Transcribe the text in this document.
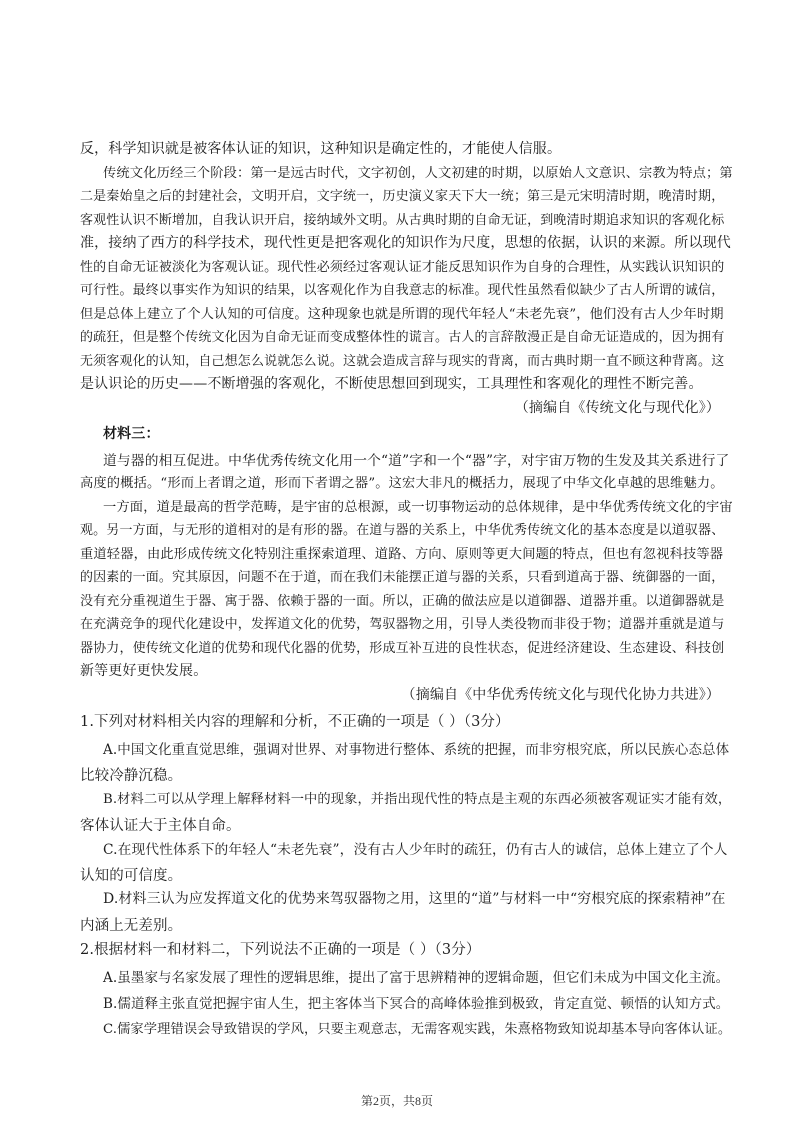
反，科学知识就是被客体认证的知识，这种知识是确定性的，才能使人信服。
传统文化历经三个阶段：第一是远古时代，文字初创，人文初建的时期，以原始人文意识、宗教为特点；第
二是秦始皇之后的封建社会，文明开启，文字统一，历史演义家天下大一统；第三是元宋明清时期，晚清时期，
客观性认识不断增加，自我认识开启，接纳域外文明。从古典时期的自命无证，到晚清时期追求知识的客观化标
准，接纳了西方的科学技术，现代性更是把客观化的知识作为尺度，思想的依据，认识的来源。所以现代
性的自命无证被淡化为客观认证。现代性必须经过客观认证才能反思知识作为自身的合理性，从实践认识知识的
可行性。最终以事实作为知识的结果，以客观化作为自我意志的标准。现代性虽然看似缺少了古人所谓的诚信，
但是总体上建立了个人认知的可信度。这种现象也就是所谓的现代年轻人“未老先衰”，他们没有古人少年时期
的疏狂，但是整个传统文化因为自命无证而变成整体性的谎言。古人的言辞散漫正是自命无证造成的，因为拥有
无须客观化的认知，自己想怎么说就怎么说。这就会造成言辞与现实的背离，而古典时期一直不顾这种背离。这
是认识论的历史——不断增强的客观化，不断使思想回到现实，工具理性和客观化的理性不断完善。
（摘编自《传统文化与现代化》）
材料三：
道与器的相互促进。中华优秀传统文化用一个“道”字和一个“器”字，对宇宙万物的生发及其关系进行了
高度的概括。“形而上者谓之道，形而下者谓之器”。这宏大非凡的概括力，展现了中华文化卓越的思维魅力。
一方面，道是最高的哲学范畴，是宇宙的总根源，或一切事物运动的总体规律，是中华优秀传统文化的宇宙
观。另一方面，与无形的道相对的是有形的器。在道与器的关系上，中华优秀传统文化的基本态度是以道驭器、
重道轻器，由此形成传统文化特别注重探索道理、道路、方向、原则等更大间题的特点，但也有忽视科技等器
的因素的一面。究其原因，问题不在于道，而在我们未能摆正道与器的关系，只看到道高于器、统御器的一面，
没有充分重视道生于器、寓于器、依赖于器的一面。所以，正确的做法应是以道御器、道器并重。以道御器就是
在充满竞争的现代化建设中，发挥道文化的优势，驾驭器物之用，引导人类役物而非役于物；道器并重就是道与
器协力，使传统文化道的优势和现代化器的优势，形成互补互进的良性状态，促进经济建设、生态建设、科技创
新等更好更快发展。
（摘编自《中华优秀传统文化与现代化协力共进》）
1.下列对材料相关内容的理解和分析，不正确的一项是（ ）（3分）
A.中国文化重直觉思维，强调对世界、对事物进行整体、系统的把握，而非穷根究底，所以民族心态总体
比较冷静沉稳。
B.材料二可以从学理上解释材料一中的现象，并指出现代性的特点是主观的东西必须被客观证实才能有效，
客体认证大于主体自命。
C.在现代性体系下的年轻人“未老先衰”，没有古人少年时的疏狂，仍有古人的诚信，总体上建立了个人
认知的可信度。
D.材料三认为应发挥道文化的优势来驾驭器物之用，这里的“道”与材料一中“穷根究底的探索精神”在
内涵上无差别。
2.根据材料一和材料二，下列说法不正确的一项是（ ）（3分）
A.虽墨家与名家发展了理性的逻辑思维，提出了富于思辨精神的逻辑命题，但它们未成为中国文化主流。
B.儒道释主张直觉把握宇宙人生，把主客体当下冥合的高峰体验推到极致，肯定直觉、顿悟的认知方式。
C.儒家学理错误会导致错误的学风，只要主观意志，无需客观实践，朱熹格物致知说却基本导向客体认证。
第2页，共8页
